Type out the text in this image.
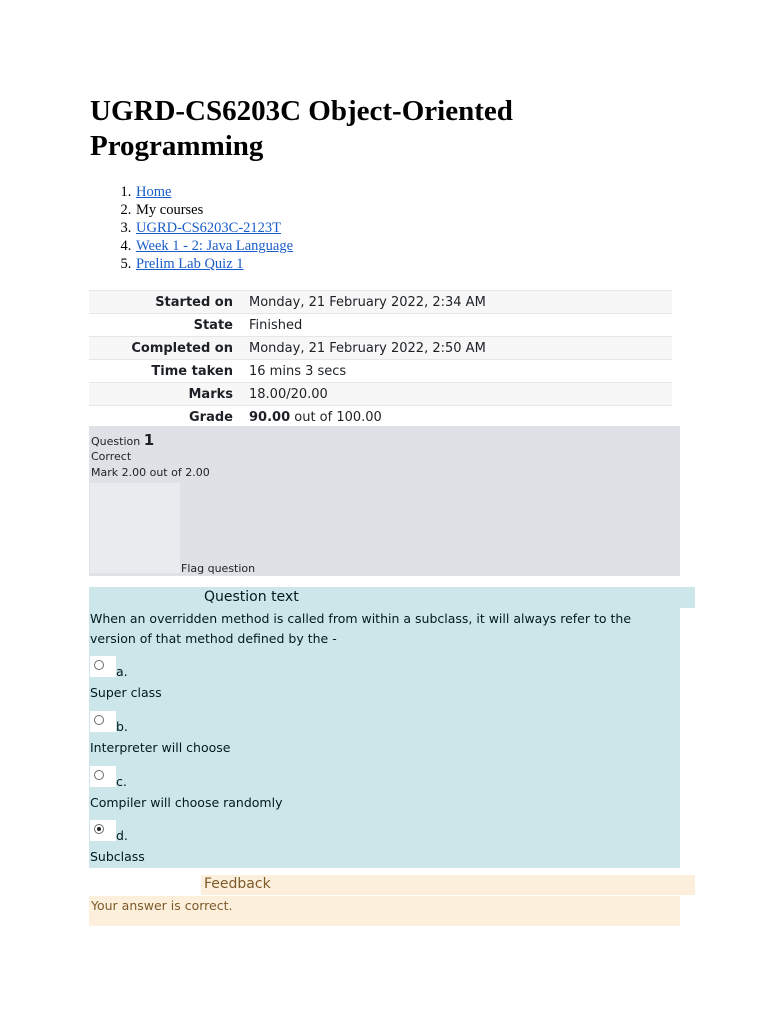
UGRD-CS6203C Object-Oriented Programming
1. Home
2. My courses
3. UGRD-CS6203C-2123T
4. Week 1 - 2: Java Language
5. Prelim Lab Quiz 1
Started on	Monday, 21 February 2022, 2:34 AM
State	Finished
Completed on	Monday, 21 February 2022, 2:50 AM
Time taken	16 mins 3 secs
Marks	18.00/20.00
Grade	90.00 out of 100.00
Question 1
Correct
Mark 2.00 out of 2.00
Flag question
Question text
When an overridden method is called from within a subclass, it will always refer to the version of that method defined by the -
a.
Super class
b.
Interpreter will choose
c.
Compiler will choose randomly
d.
Subclass
Feedback
Your answer is correct.
